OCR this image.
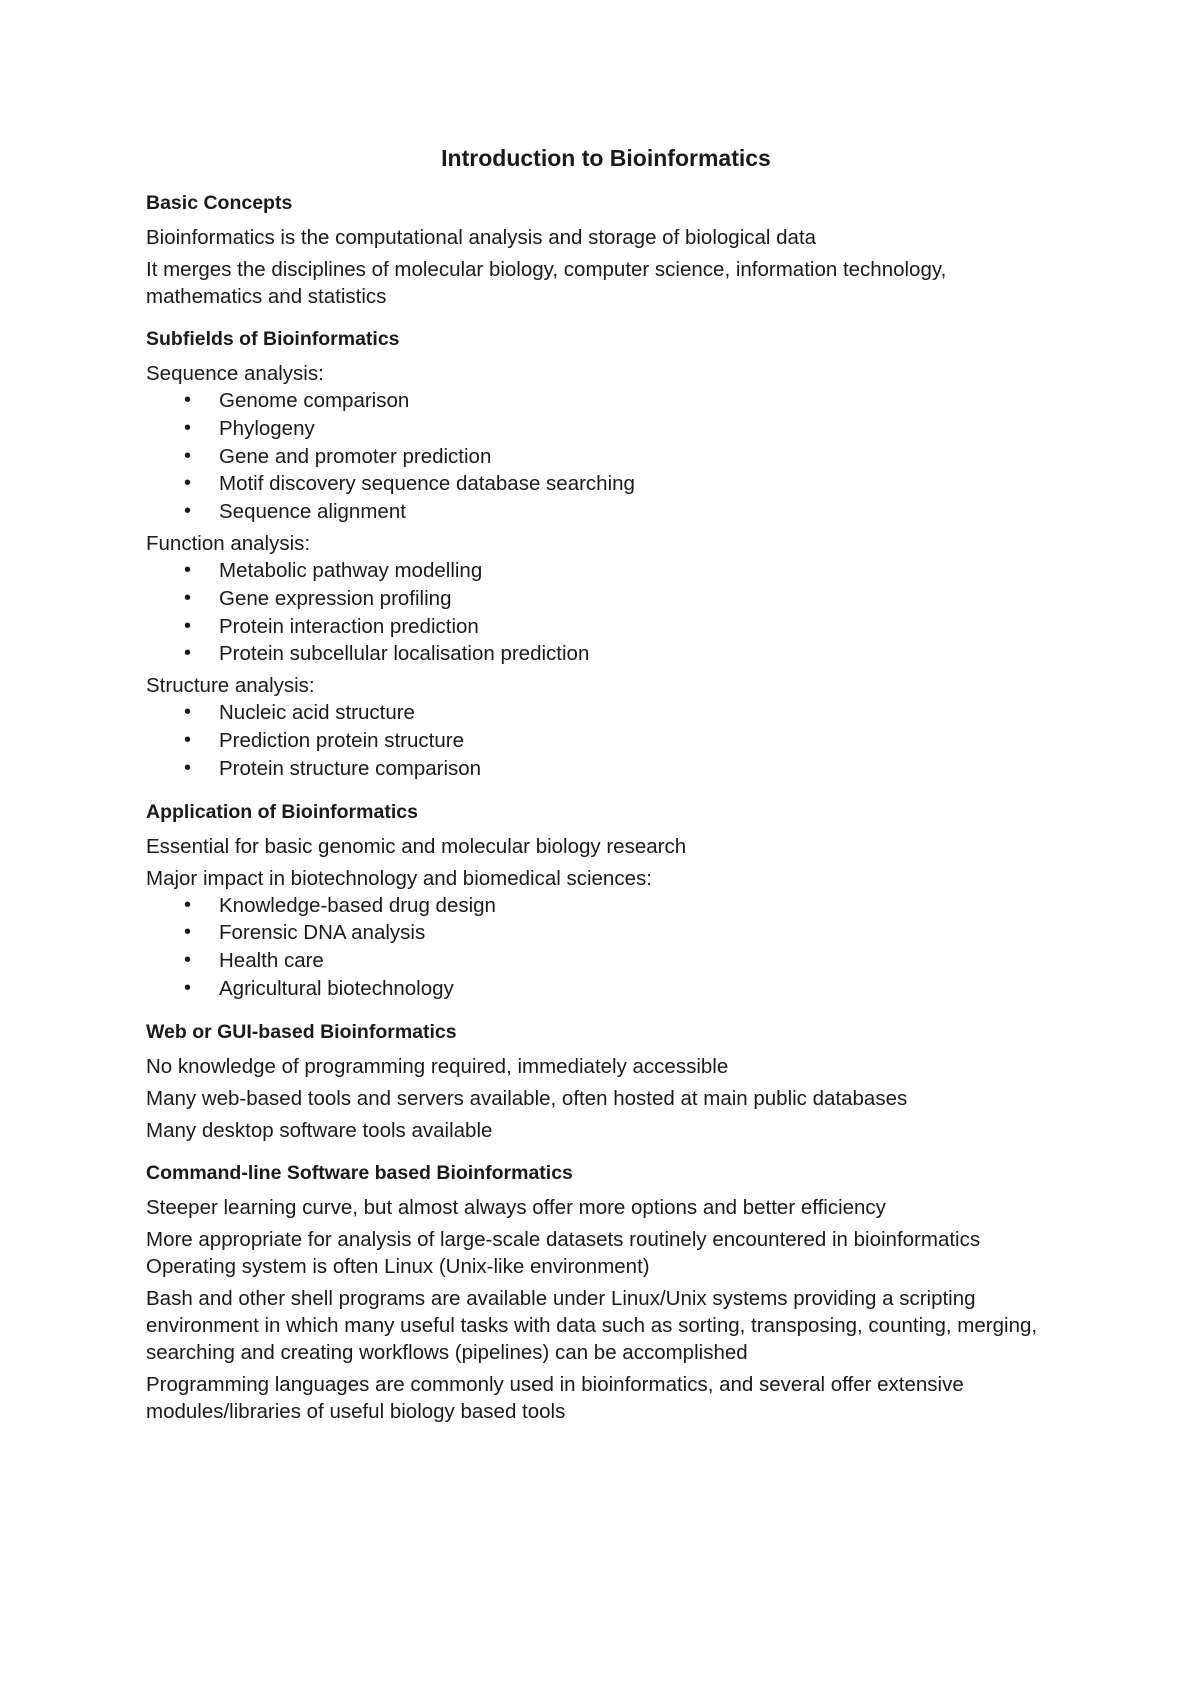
Introduction to Bioinformatics
Basic Concepts
Bioinformatics is the computational analysis and storage of biological data
It merges the disciplines of molecular biology, computer science, information technology, mathematics and statistics
Subfields of Bioinformatics
Sequence analysis:
• Genome comparison
• Phylogeny
• Gene and promoter prediction
• Motif discovery sequence database searching
• Sequence alignment
Function analysis:
• Metabolic pathway modelling
• Gene expression profiling
• Protein interaction prediction
• Protein subcellular localisation prediction
Structure analysis:
• Nucleic acid structure
• Prediction protein structure
• Protein structure comparison
Application of Bioinformatics
Essential for basic genomic and molecular biology research
Major impact in biotechnology and biomedical sciences:
• Knowledge-based drug design
• Forensic DNA analysis
• Health care
• Agricultural biotechnology
Web or GUI-based Bioinformatics
No knowledge of programming required, immediately accessible
Many web-based tools and servers available, often hosted at main public databases
Many desktop software tools available
Command-line Software based Bioinformatics
Steeper learning curve, but almost always offer more options and better efficiency
More appropriate for analysis of large-scale datasets routinely encountered in bioinformatics
Operating system is often Linux (Unix-like environment)
Bash and other shell programs are available under Linux/Unix systems providing a scripting environment in which many useful tasks with data such as sorting, transposing, counting, merging, searching and creating workflows (pipelines) can be accomplished
Programming languages are commonly used in bioinformatics, and several offer extensive modules/libraries of useful biology based tools
